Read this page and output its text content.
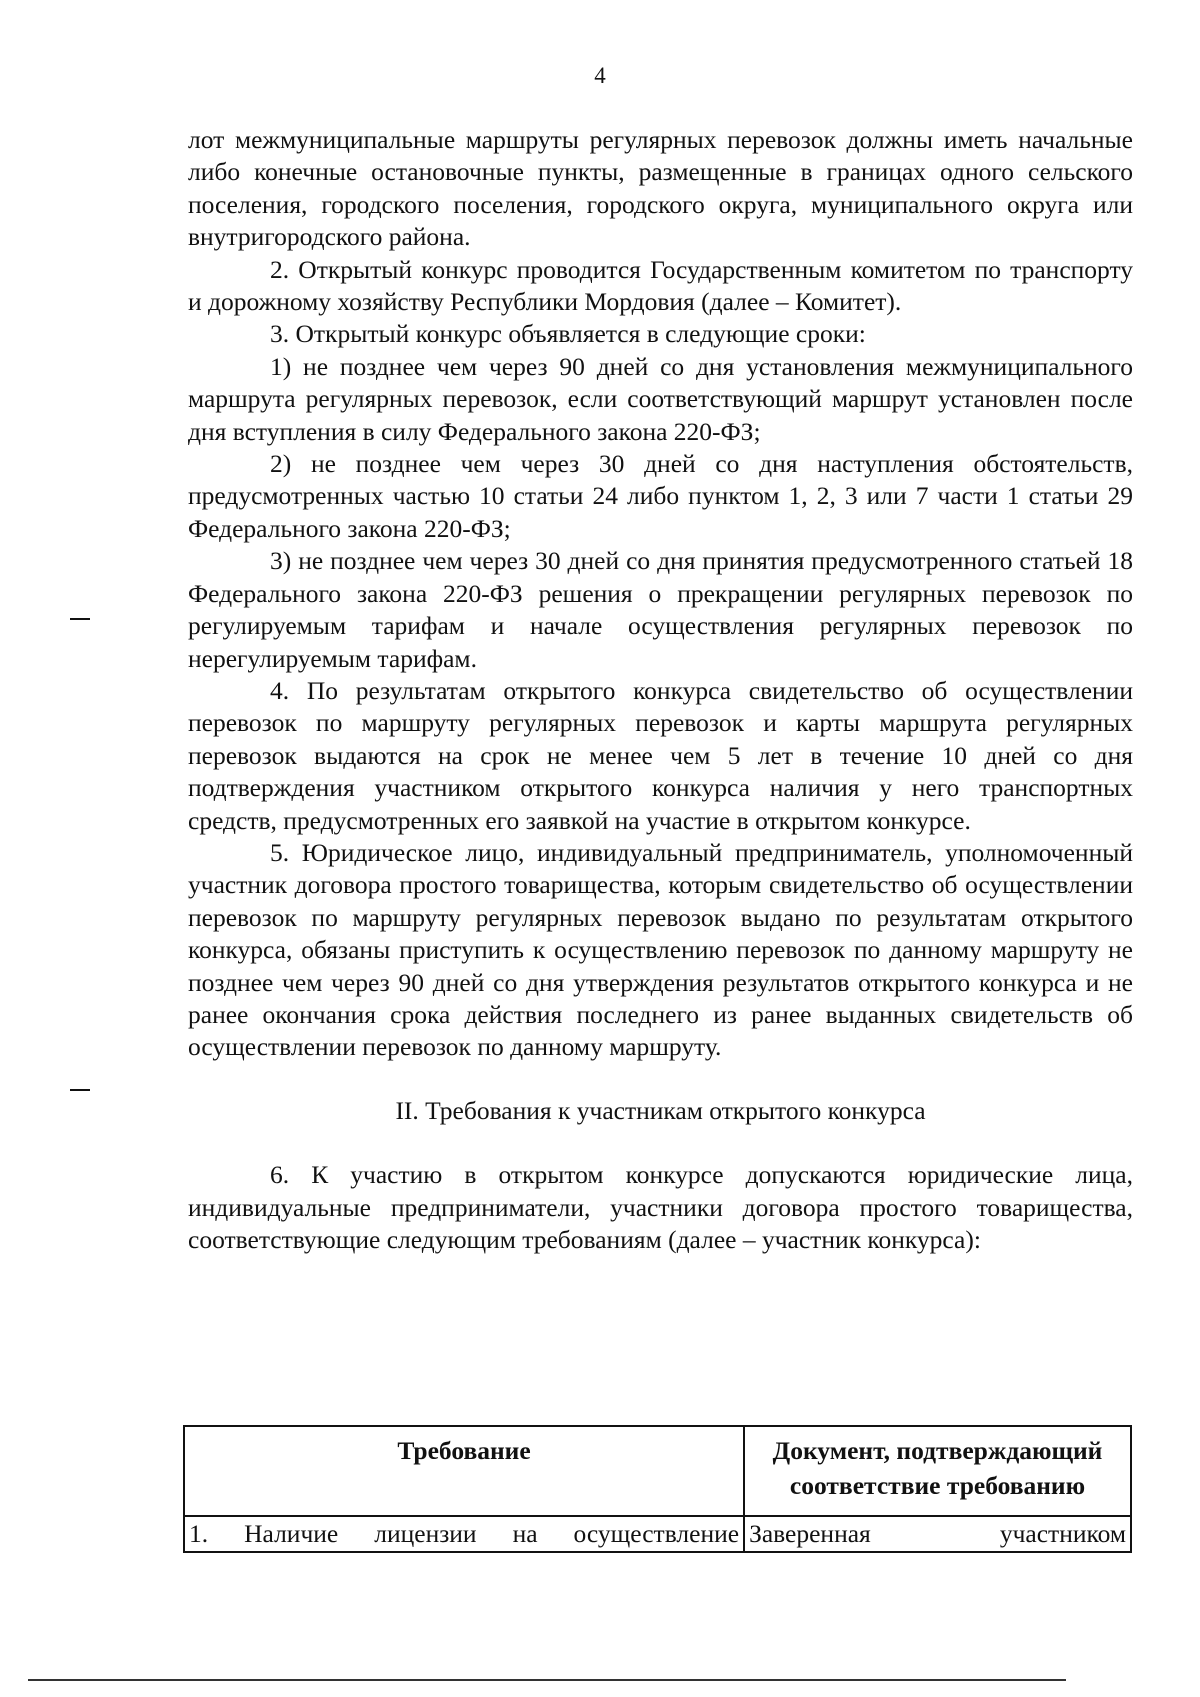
4

лот межмуниципальные маршруты регулярных перевозок должны иметь начальные либо конечные остановочные пункты, размещенные в границах одного сельского поселения, городского поселения, городского округа, муниципального округа или внутригородского района.

2. Открытый конкурс проводится Государственным комитетом по транспорту и дорожному хозяйству Республики Мордовия (далее – Комитет).

3. Открытый конкурс объявляется в следующие сроки:

1) не позднее чем через 90 дней со дня установления межмуниципального маршрута регулярных перевозок, если соответствующий маршрут установлен после дня вступления в силу Федерального закона 220-ФЗ;

2) не позднее чем через 30 дней со дня наступления обстоятельств, предусмотренных частью 10 статьи 24 либо пунктом 1, 2, 3 или 7 части 1 статьи 29 Федерального закона 220-ФЗ;

3) не позднее чем через 30 дней со дня принятия предусмотренного статьей 18 Федерального закона 220-ФЗ решения о прекращении регулярных перевозок по регулируемым тарифам и начале осуществления регулярных перевозок по нерегулируемым тарифам.

4. По результатам открытого конкурса свидетельство об осуществлении перевозок по маршруту регулярных перевозок и карты маршрута регулярных перевозок выдаются на срок не менее чем 5 лет в течение 10 дней со дня подтверждения участником открытого конкурса наличия у него транспортных средств, предусмотренных его заявкой на участие в открытом конкурсе.

5. Юридическое лицо, индивидуальный предприниматель, уполномоченный участник договора простого товарищества, которым свидетельство об осуществлении перевозок по маршруту регулярных перевозок выдано по результатам открытого конкурса, обязаны приступить к осуществлению перевозок по данному маршруту не позднее чем через 90 дней со дня утверждения результатов открытого конкурса и не ранее окончания срока действия последнего из ранее выданных свидетельств об осуществлении перевозок по данному маршруту.

II. Требования к участникам открытого конкурса

6. К участию в открытом конкурсе допускаются юридические лица, индивидуальные предприниматели, участники договора простого товарищества, соответствующие следующим требованиям (далее – участник конкурса):

Требование	Документ, подтверждающий соответствие требованию
1. Наличие лицензии на осуществление	Заверенная участником
